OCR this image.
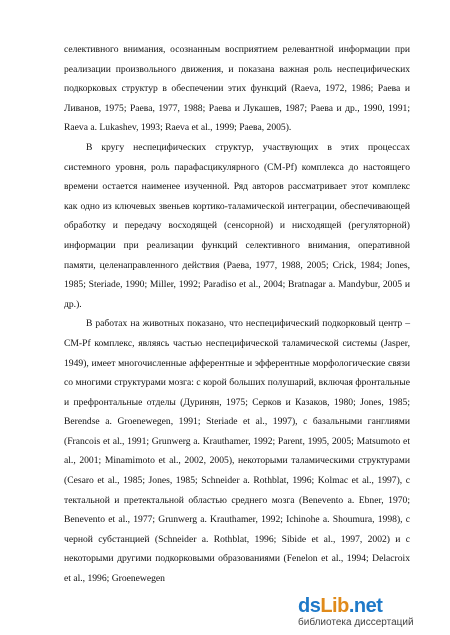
селективного внимания, осознанным восприятием релевантной информации при реализации произвольного движения, и показана важная роль неспецифических подкорковых структур в обеспечении этих функций (Raeva, 1972, 1986; Раева и Ливанов, 1975; Раева, 1977, 1988; Раева и Лукашев, 1987; Раева и др., 1990, 1991; Raeva a. Lukashev, 1993; Raeva et al., 1999; Раева, 2005).

В кругу неспецифических структур, участвующих в этих процессах системного уровня, роль парафасцикулярного (CM-Pf) комплекса до настоящего времени остается наименее изученной. Ряд авторов рассматривает этот комплекс как одно из ключевых звеньев кортико-таламической интеграции, обеспечивающей обработку и передачу восходящей (сенсорной) и нисходящей (регуляторной) информации при реализации функций селективного внимания, оперативной памяти, целенаправленного действия (Раева, 1977, 1988, 2005; Crick, 1984; Jones, 1985; Steriade, 1990; Miller, 1992; Paradiso et al., 2004; Bratnagar a. Mandybur, 2005 и др.).

В работах на животных показано, что неспецифический подкорковый центр – CM-Pf комплекс, являясь частью неспецифической таламической системы (Jasper, 1949), имеет многочисленные афферентные и эфферентные морфологические связи со многими структурами мозга: с корой больших полушарий, включая фронтальные и префронтальные отделы (Дуринян, 1975; Серков и Казаков, 1980; Jones, 1985; Berendse a. Groenewegen, 1991; Steriade et al., 1997), с базальными ганглиями (Francois et al., 1991; Grunwerg a. Krauthamer, 1992; Parent, 1995, 2005; Matsumoto et al., 2001; Minamimoto et al., 2002, 2005), некоторыми таламическими структурами (Cesaro et al., 1985; Jones, 1985; Schneider a. Rothblat, 1996; Kolmac et al., 1997), с тектальной и претектальной областью среднего мозга (Benevento a. Ebner, 1970; Benevento et al., 1977; Grunwerg a. Krauthamer, 1992; Ichinohe a. Shoumura, 1998), с черной субстанцией (Schneider a. Rothblat, 1996; Sibide et al., 1997, 2002) и с некоторыми другими подкорковыми образованиями (Fenelon et al., 1994; Delacroix et al., 1996; Groenewegen

dsLib.net
библиотека диссертаций
